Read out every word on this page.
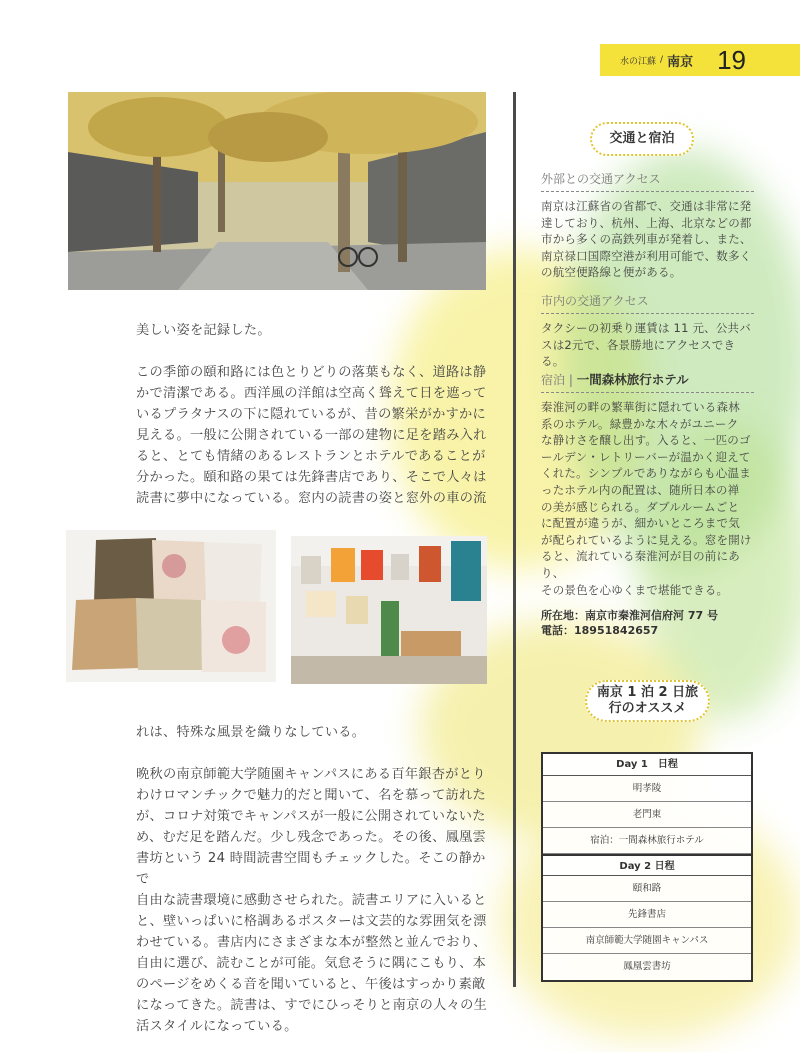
水の江蘇 / 南京 19

美しい姿を記録した。

この季節の頤和路には色とりどりの落葉もなく、道路は静
かで清潔である。西洋風の洋館は空高く聳えて日を遮って
いるプラタナスの下に隠れているが、昔の繁栄がかすかに
見える。一般に公開されている一部の建物に足を踏み入れ
ると、とても情緒のあるレストランとホテルであることが
分かった。頤和路の果ては先鋒書店であり、そこで人々は
読書に夢中になっている。窓内の読書の姿と窓外の車の流

れは、特殊な風景を織りなしている。

晩秋の南京師範大学随園キャンパスにある百年銀杏がとり
わけロマンチックで魅力的だと聞いて、名を慕って訪れた
が、コロナ対策でキャンパスが一般に公開されていないた
め、むだ足を踏んだ。少し残念であった。その後、鳳凰雲
書坊という 24 時間読書空間もチェックした。そこの静かで
自由な読書環境に感動させられた。読書エリアに入いると
と、壁いっぱいに格調あるポスターは文芸的な雰囲気を漂
わせている。書店内にさまざまな本が整然と並んでおり、
自由に選び、読むことが可能。気怠そうに隅にこもり、本
のページをめくる音を聞いていると、午後はすっかり素敵
になってきた。読書は、すでにひっそりと南京の人々の生
活スタイルになっている。

交通と宿泊
外部との交通アクセス
南京は江蘇省の省都で、交通は非常に発
達しており、杭州、上海、北京などの都
市から多くの高鉄列車が発着し、また、
南京禄口国際空港が利用可能で、数多く
の航空便路線と便がある。
市内の交通アクセス
タクシーの初乗り運賃は 11 元、公共バ
スは2元で、各景勝地にアクセスできる。
宿泊 | 一間森林旅行ホテル
秦淮河の畔の繁華街に隠れている森林
系のホテル。緑豊かな木々がユニーク
な静けさを醸し出す。入ると、一匹のゴ
ールデン・レトリーバーが温かく迎えて
くれた。シンプルでありながらも心温ま
ったホテル内の配置は、随所日本の禅
の美が感じられる。ダブルルームごと
に配置が違うが、細かいところまで気
が配られているように見える。窓を開け
ると、流れている秦淮河が目の前にあり、
その景色を心ゆくまで堪能できる。
所在地：南京市秦淮河信府河 77 号
電話：18951842657
南京 1 泊 2 日旅
行のオススメ
Day 1　日程
明孝陵
老門東
宿泊：一間森林旅行ホテル
Day 2 日程
頤和路
先鋒書店
南京師範大学随園キャンパス
鳳凰雲書坊
